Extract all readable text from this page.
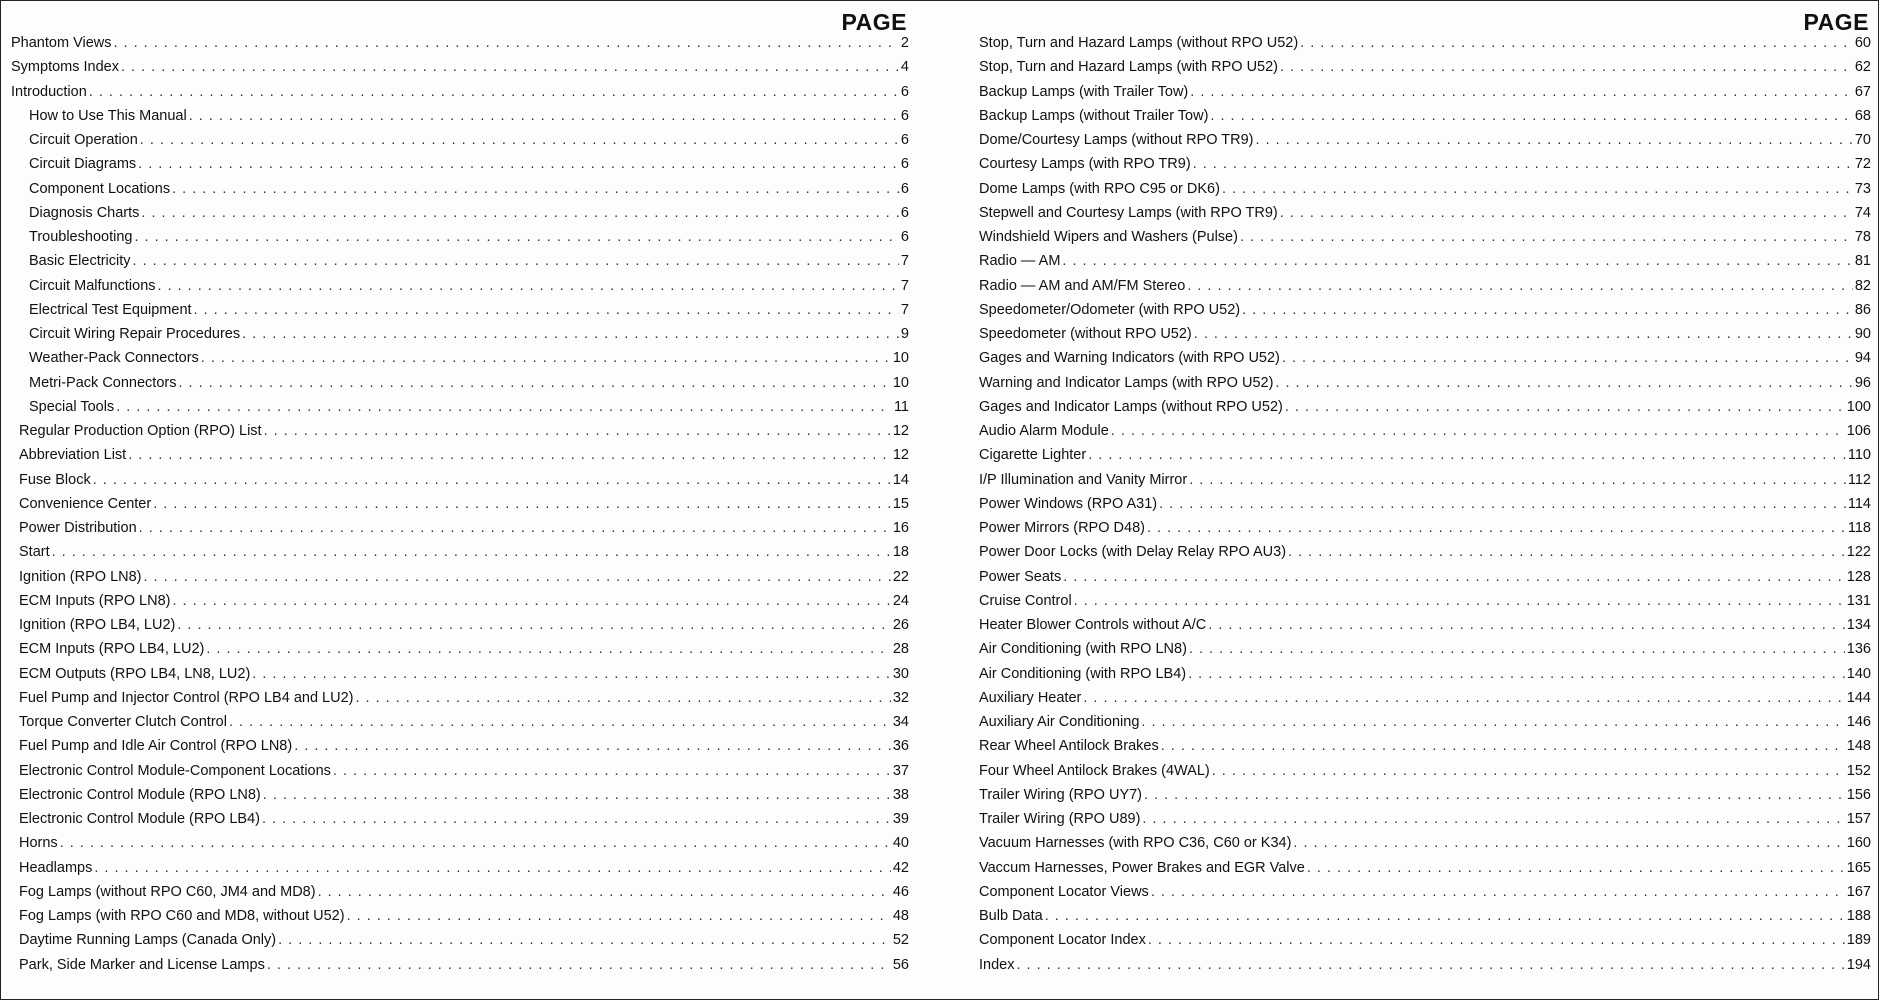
PAGE
Phantom Views . . .	2
Symptoms Index . . .	4
Introduction . . .	6
How to Use This Manual . . .	6
Circuit Operation . . .	6
Circuit Diagrams . . .	6
Component Locations . . .	6
Diagnosis Charts . . .	6
Troubleshooting . . .	6
Basic Electricity . . .	7
Circuit Malfunctions . . .	7
Electrical Test Equipment . . .	7
Circuit Wiring Repair Procedures . . .	9
Weather-Pack Connectors . . .	10
Metri-Pack Connectors . . .	10
Special Tools . . .	11
Regular Production Option (RPO) List . . .	12
Abbreviation List . . .	12
Fuse Block . . .	14
Convenience Center . . .	15
Power Distribution . . .	16
Start . . .	18
Ignition (RPO LN8) . . .	22
ECM Inputs (RPO LN8) . . .	24
Ignition (RPO LB4, LU2) . . .	26
ECM Inputs (RPO LB4, LU2) . . .	28
ECM Outputs (RPO LB4, LN8, LU2) . . .	30
Fuel Pump and Injector Control (RPO LB4 and LU2) . . .	32
Torque Converter Clutch Control . . .	34
Fuel Pump and Idle Air Control (RPO LN8) . . .	36
Electronic Control Module-Component Locations . . .	37
Electronic Control Module (RPO LN8) . . .	38
Electronic Control Module (RPO LB4) . . .	39
Horns . . .	40
Headlamps . . .	42
Fog Lamps (without RPO C60, JM4 and MD8) . . .	46
Fog Lamps (with RPO C60 and MD8, without U52) . . .	48
Daytime Running Lamps (Canada Only) . . .	52
Park, Side Marker and License Lamps . . .	56
PAGE
Stop, Turn and Hazard Lamps (without RPO U52) . . .	60
Stop, Turn and Hazard Lamps (with RPO U52) . . .	62
Backup Lamps (with Trailer Tow) . . .	67
Backup Lamps (without Trailer Tow) . . .	68
Dome/Courtesy Lamps (without RPO TR9) . . .	70
Courtesy Lamps (with RPO TR9) . . .	72
Dome Lamps (with RPO C95 or DK6) . . .	73
Stepwell and Courtesy Lamps (with RPO TR9) . . .	74
Windshield Wipers and Washers (Pulse) . . .	78
Radio — AM . . .	81
Radio — AM and AM/FM Stereo . . .	82
Speedometer/Odometer (with RPO U52) . . .	86
Speedometer (without RPO U52) . . .	90
Gages and Warning Indicators (with RPO U52) . . .	94
Warning and Indicator Lamps (with RPO U52) . . .	96
Gages and Indicator Lamps (without RPO U52) . . .	100
Audio Alarm Module . . .	106
Cigarette Lighter . . .	110
I/P Illumination and Vanity Mirror . . .	112
Power Windows (RPO A31) . . .	114
Power Mirrors (RPO D48) . . .	118
Power Door Locks (with Delay Relay RPO AU3) . . .	122
Power Seats . . .	128
Cruise Control . . .	131
Heater Blower Controls without A/C . . .	134
Air Conditioning (with RPO LN8) . . .	136
Air Conditioning (with RPO LB4) . . .	140
Auxiliary Heater . . .	144
Auxiliary Air Conditioning . . .	146
Rear Wheel Antilock Brakes . . .	148
Four Wheel Antilock Brakes (4WAL) . . .	152
Trailer Wiring (RPO UY7) . . .	156
Trailer Wiring (RPO U89) . . .	157
Vacuum Harnesses (with RPO C36, C60 or K34) . . .	160
Vaccum Harnesses, Power Brakes and EGR Valve . . .	165
Component Locator Views . . .	167
Bulb Data . . .	188
Component Locator Index . . .	189
Index . . .	194
